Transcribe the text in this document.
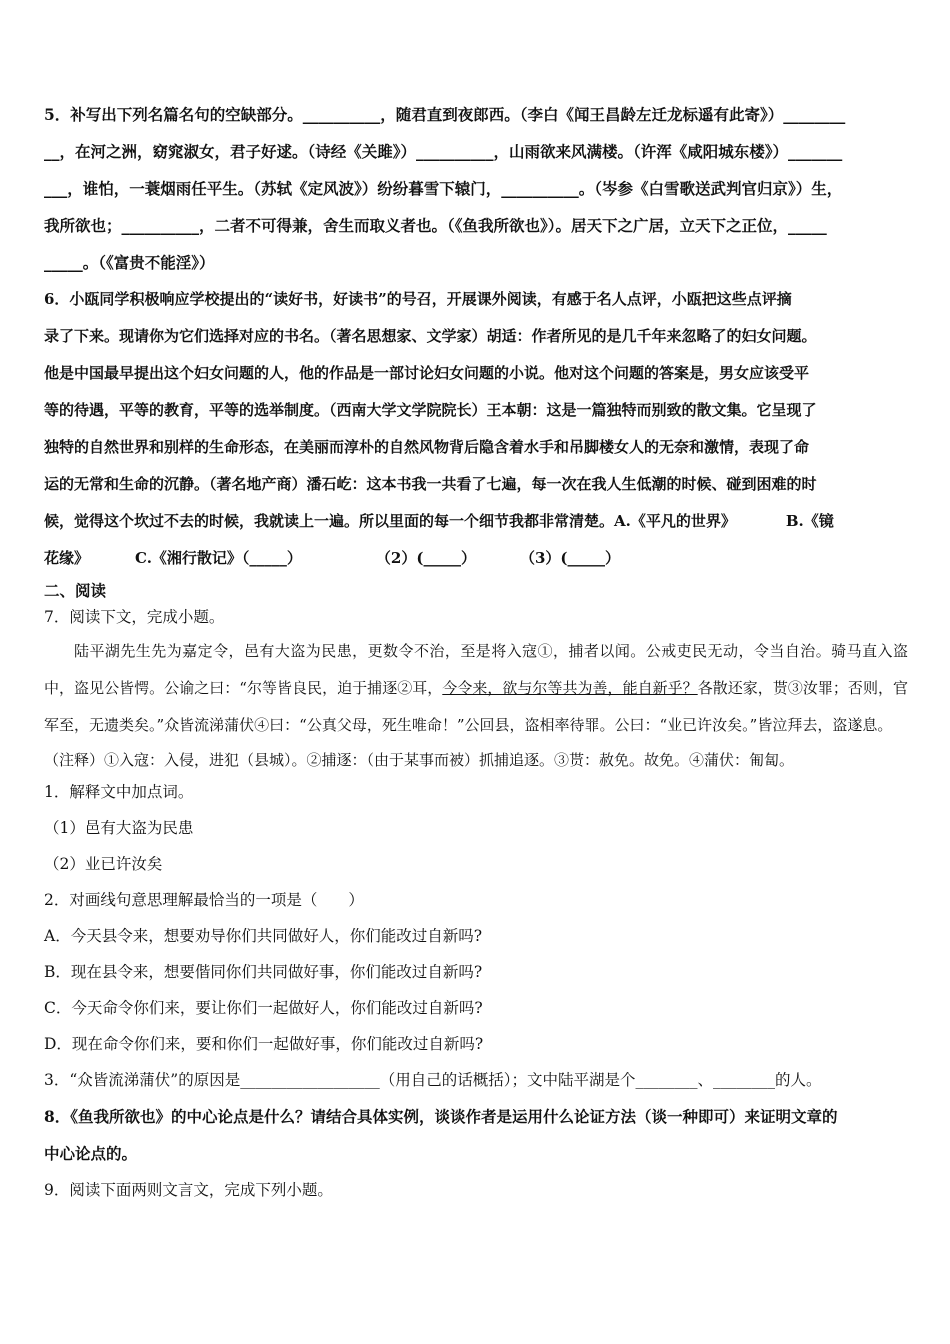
5．补写出下列名篇名句的空缺部分。__________，随君直到夜郎西。（李白《闻王昌龄左迁龙标遥有此寄》）________

__，在河之洲，窈窕淑女，君子好逑。（诗经《关雎》）__________，山雨欲来风满楼。（许浑《咸阳城东楼》）_______

___，谁怕，一蓑烟雨任平生。（苏轼《定风波》）纷纷暮雪下辕门，__________。（岑参《白雪歌送武判官归京》）生，

我所欲也；__________，二者不可得兼，舍生而取义者也。（《鱼我所欲也》）。居天下之广居，立天下之正位，_____

_____。（《富贵不能淫》）

6．小瓯同学积极响应学校提出的“读好书，好读书”的号召，开展课外阅读，有感于名人点评，小瓯把这些点评摘

录了下来。现请你为它们选择对应的书名。（著名思想家、文学家）胡适：作者所见的是几千年来忽略了的妇女问题。

他是中国最早提出这个妇女问题的人，他的作品是一部讨论妇女问题的小说。他对这个问题的答案是，男女应该受平

等的待遇，平等的教育，平等的选举制度。（西南大学文学院院长）王本朝：这是一篇独特而别致的散文集。它呈现了

独特的自然世界和别样的生命形态，在美丽而淳朴的自然风物背后隐含着水手和吊脚楼女人的无奈和激情，表现了命

运的无常和生命的沉静。（著名地产商）潘石屹：这本书我一共看了七遍，每一次在我人生低潮的时候、碰到困难的时

候，觉得这个坎过不去的时候，我就读上一遍。所以里面的每一个细节我都非常清楚。A.《平凡的世界》	B.《镜

花缘》	C.《湘行散记》（_____）	（2）(_____）	（3）(_____）

二、阅读

7．阅读下文，完成小题。

陆平湖先生先为嘉定令，邑有大盗为民患，更数令不治，至是将入寇①，捕者以闻。公戒吏民无动，令当自治。骑马直入盗中，盗见公皆愕。公谕之曰：“尔等皆良民，迫于捕逐②耳，今令来，欲与尔等共为善，能自新乎？各散还家，贳③汝罪；否则，官军至，无遗类矣。”众皆流涕蒲伏④曰：“公真父母，死生唯命！”公回县，盗相率待罪。公曰：“业已许汝矣。”皆泣拜去，盗遂息。

（注释）①入寇：入侵，进犯（县城）。②捕逐：（由于某事而被）抓捕追逐。③贳：赦免。故免。④蒲伏：匍匐。

1．解释文中加点词。

（1）邑有大盗为民患

（2）业已许汝矣

2．对画线句意思理解最恰当的一项是（　　）

A．今天县令来，想要劝导你们共同做好人，你们能改过自新吗?

B．现在县令来，想要偕同你们共同做好事，你们能改过自新吗?

C．今天命令你们来，要让你们一起做好人，你们能改过自新吗?

D．现在命令你们来，要和你们一起做好事，你们能改过自新吗?

3．“众皆流涕蒲伏”的原因是__________________（用自己的话概括）；文中陆平湖是个________、________的人。

8．《鱼我所欲也》的中心论点是什么？请结合具体实例，谈谈作者是运用什么论证方法（谈一种即可）来证明文章的

中心论点的。

9．阅读下面两则文言文，完成下列小题。
